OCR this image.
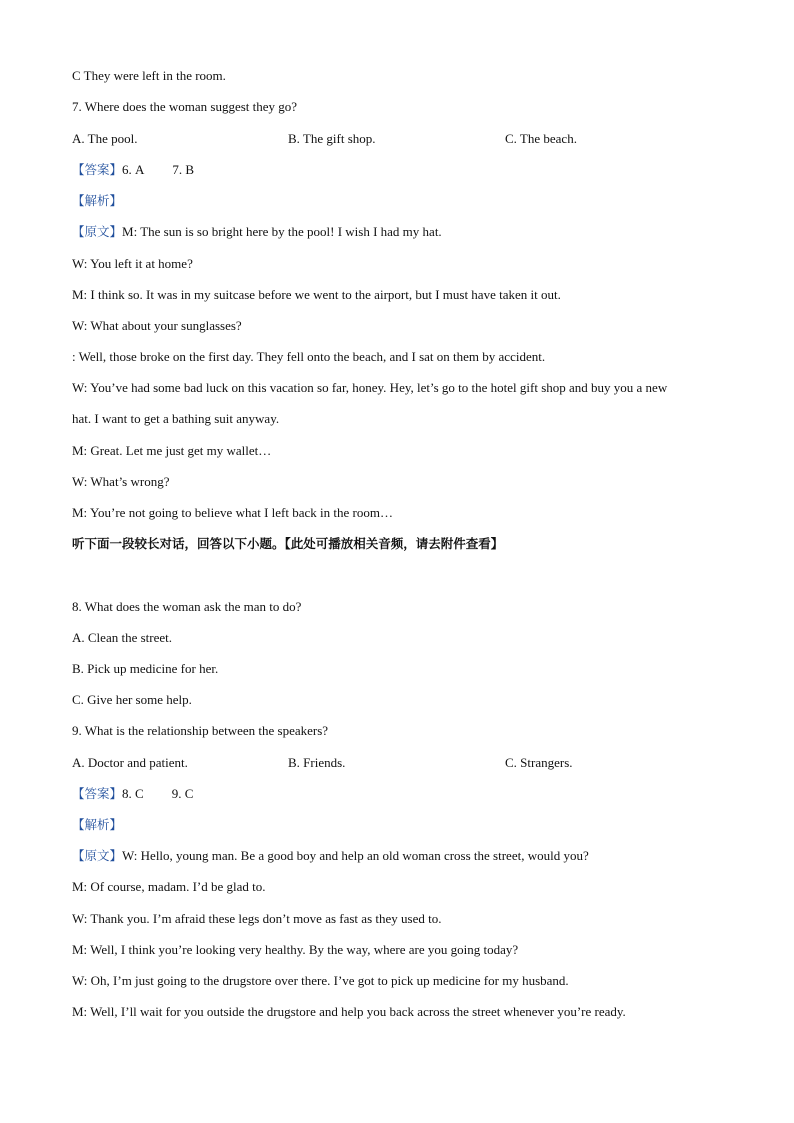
C They were left in the room.
7. Where does the woman suggest they go?
A. The pool.	B. The gift shop.	C. The beach.
【答案】6. A 7. B
【解析】
【原文】M: The sun is so bright here by the pool! I wish I had my hat.
W: You left it at home?
M: I think so. It was in my suitcase before we went to the airport, but I must have taken it out.
W: What about your sunglasses?
: Well, those broke on the first day. They fell onto the beach, and I sat on them by accident.
W: You’ve had some bad luck on this vacation so far, honey. Hey, let’s go to the hotel gift shop and buy you a new
hat. I want to get a bathing suit anyway.
M: Great. Let me just get my wallet…
W: What’s wrong?
M: You’re not going to believe what I left back in the room…
听下面一段较长对话，回答以下小题。【此处可播放相关音频，请去附件查看】
8. What does the woman ask the man to do?
A. Clean the street.
B. Pick up medicine for her.
C. Give her some help.
9. What is the relationship between the speakers?
A. Doctor and patient.	B. Friends.	C. Strangers.
【答案】8. C 9. C
【解析】
【原文】W: Hello, young man. Be a good boy and help an old woman cross the street, would you?
M: Of course, madam. I’d be glad to.
W: Thank you. I’m afraid these legs don’t move as fast as they used to.
M: Well, I think you’re looking very healthy. By the way, where are you going today?
W: Oh, I’m just going to the drugstore over there. I’ve got to pick up medicine for my husband.
M: Well, I’ll wait for you outside the drugstore and help you back across the street whenever you’re ready.
